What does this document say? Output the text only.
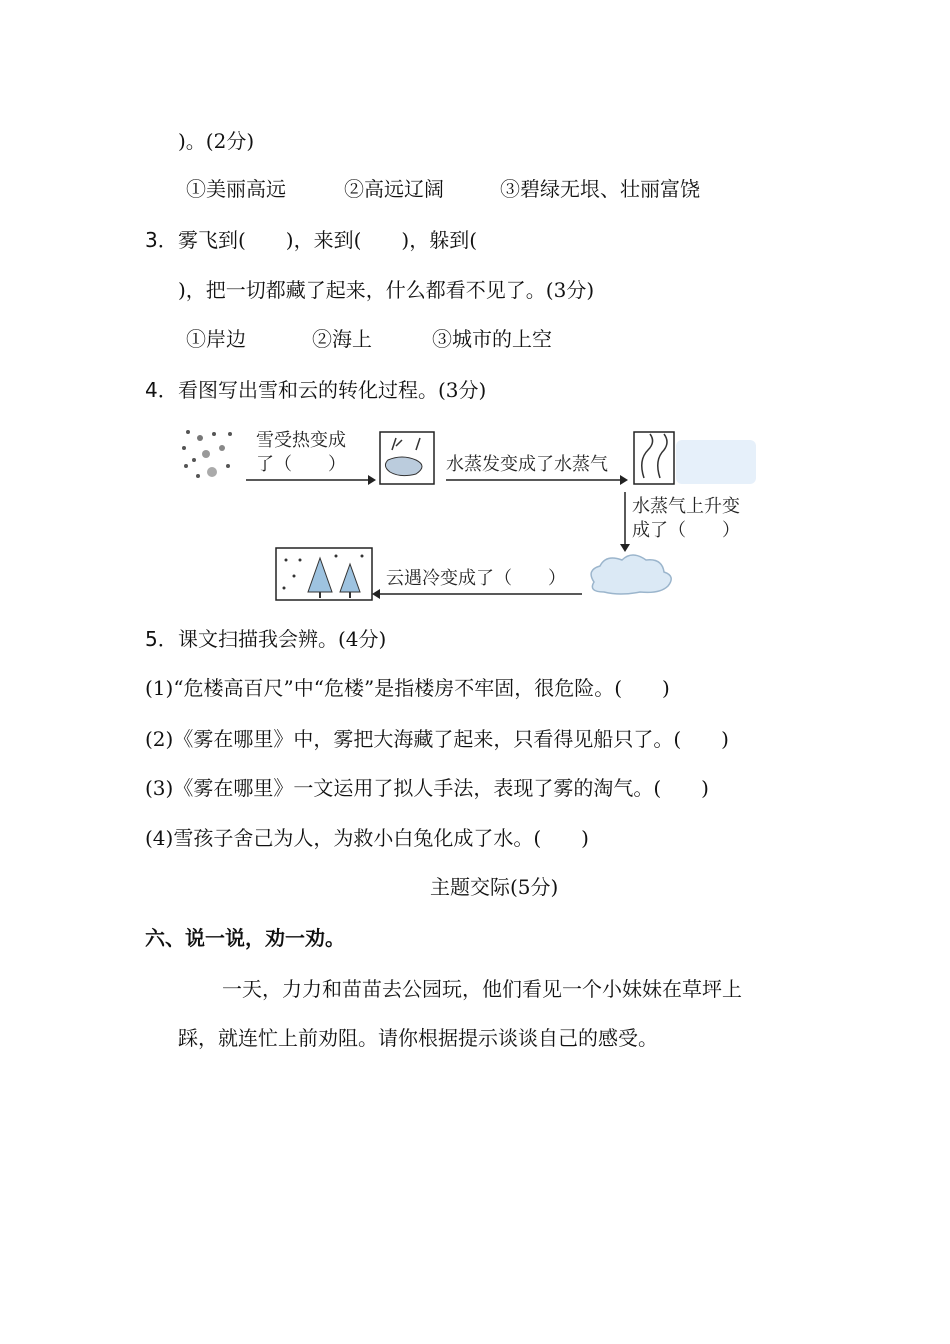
)。(2分)
①美丽高远	②高远辽阔	③碧绿无垠、壮丽富饶
3． 雾飞到(　　)，来到(　　)，躲到(
)，把一切都藏了起来，什么都看不见了。(3分)
①岸边	②海上	③城市的上空
4． 看图写出雪和云的转化过程。(3分)
雪受热变成
了（　　）	水蒸发变成了水蒸气
水蒸气上升变
成了（　　）
云遇冷变成了（　　）
5． 课文扫描我会辨。(4分)
(1)“危楼高百尺”中“危楼”是指楼房不牢固，很危险。(　　)
(2)《雾在哪里》中，雾把大海藏了起来，只看得见船只了。(　　)
(3)《雾在哪里》一文运用了拟人手法，表现了雾的淘气。(　　)
(4)雪孩子舍己为人，为救小白兔化成了水。(　　)
主题交际(5分)
六、说一说，劝一劝。
一天，力力和苗苗去公园玩，他们看见一个小妹妹在草坪上
踩，就连忙上前劝阻。请你根据提示谈谈自己的感受。
